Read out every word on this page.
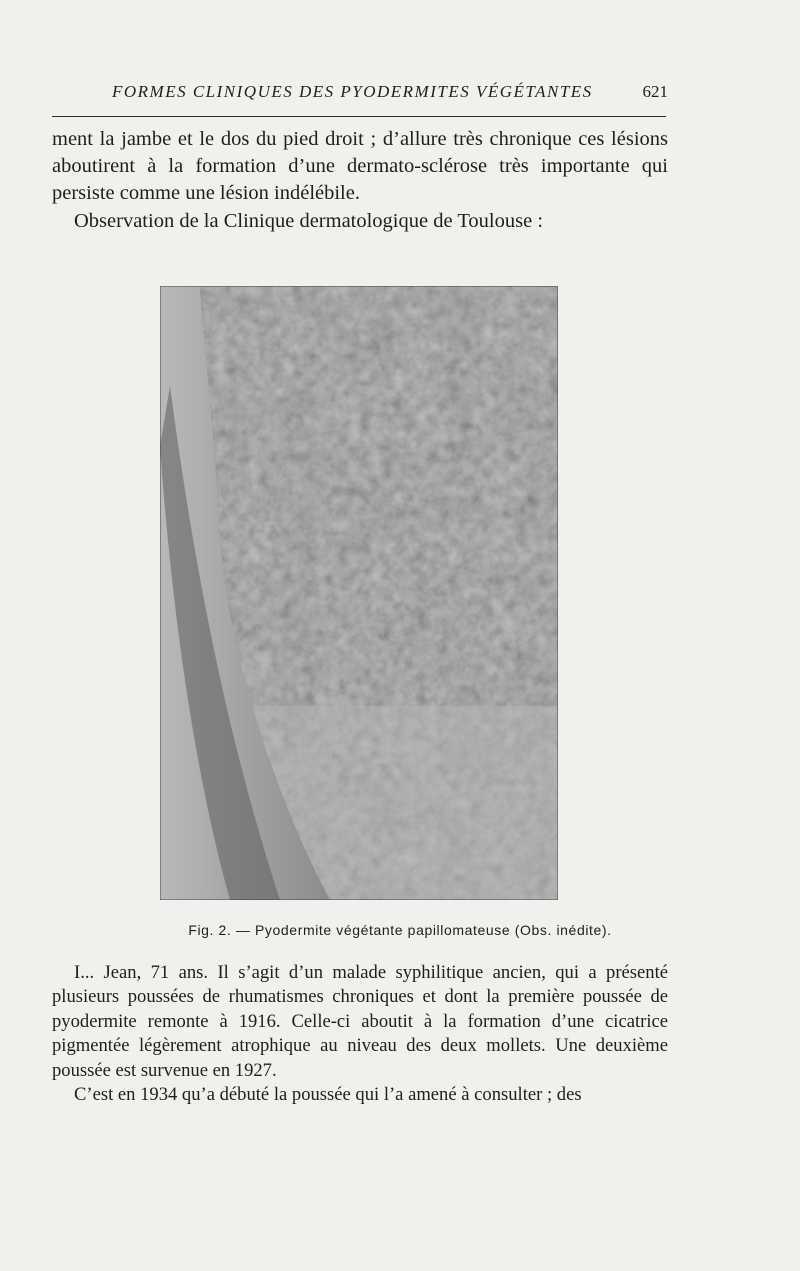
FORMES CLINIQUES DES PYODERMITES VÉGÉTANTES	621

ment la jambe et le dos du pied droit ; d’allure très chronique ces lésions aboutirent à la formation d’une dermato-sclérose très importante qui persiste comme une lésion indélébile.

Observation de la Clinique dermatologique de Toulouse :

Fig. 2. — Pyodermite végétante papillomateuse (Obs. inédite).

I... Jean, 71 ans. Il s’agit d’un malade syphilitique ancien, qui a présenté plusieurs poussées de rhumatismes chroniques et dont la première poussée de pyodermite remonte à 1916. Celle-ci aboutit à la formation d’une cicatrice pigmentée légèrement atrophique au niveau des deux mollets. Une deuxième poussée est survenue en 1927.

C’est en 1934 qu’a débuté la poussée qui l’a amené à consulter ; des
